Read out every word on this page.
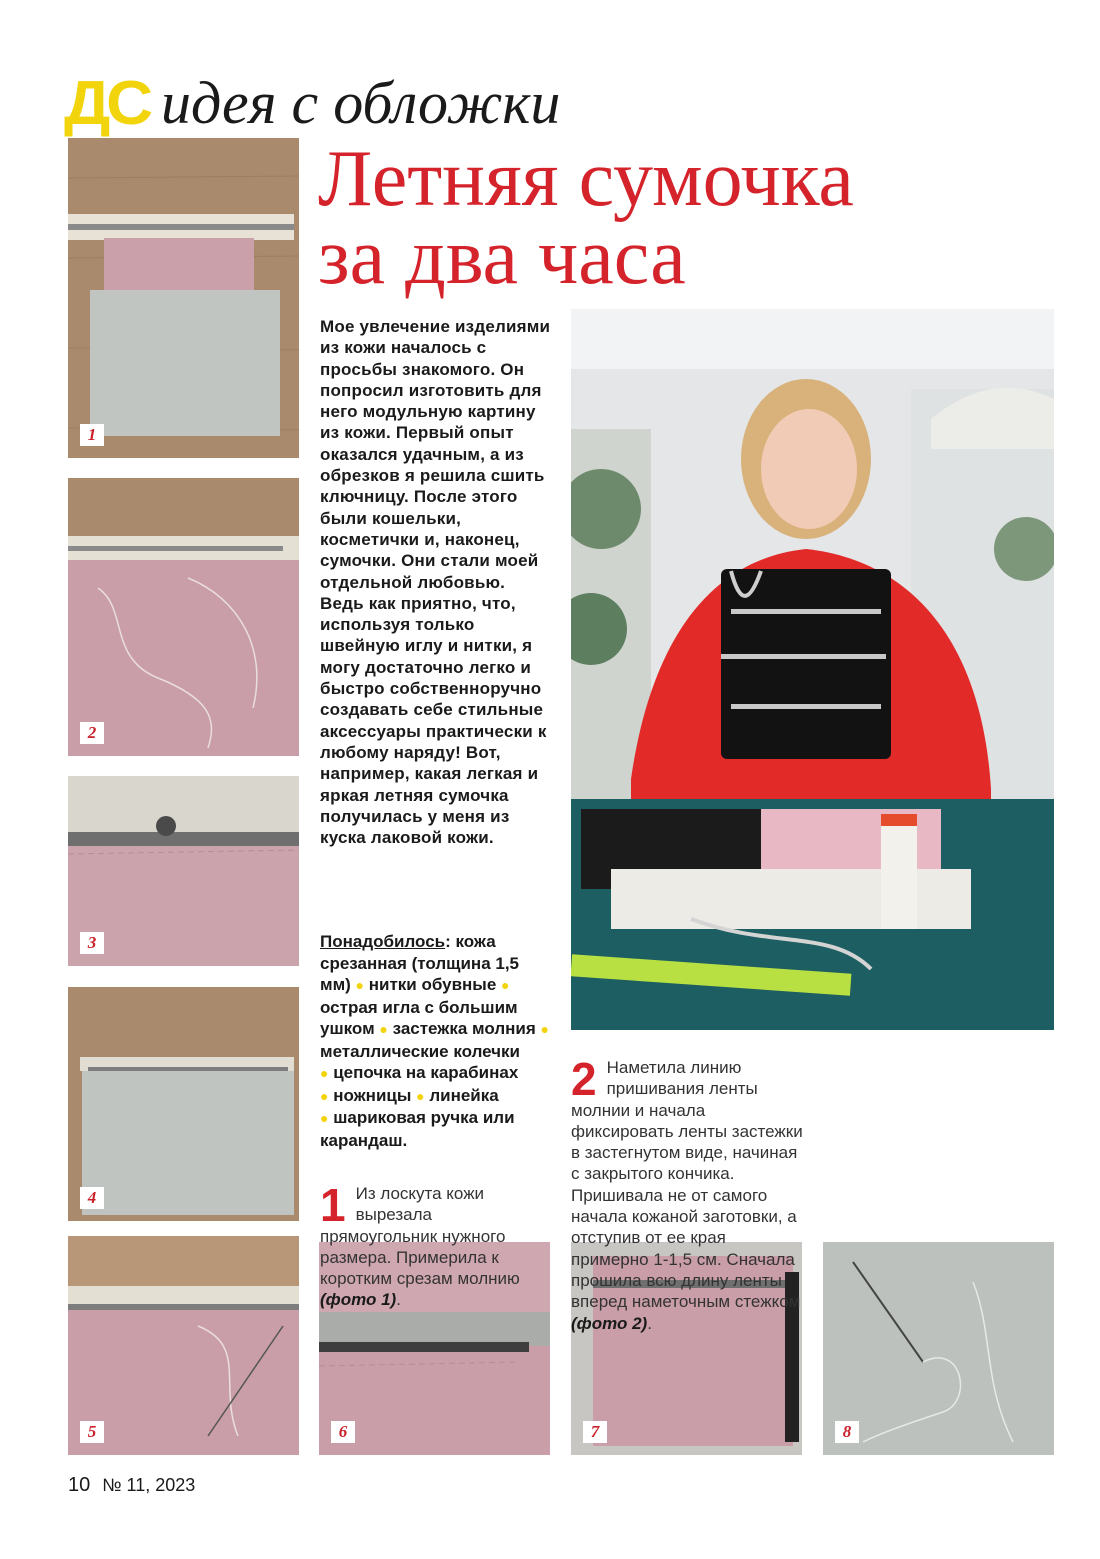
ДС идея с обложки
Летняя сумочка
за два часа
1
2
3
4
5	6	7	8
Мое увлечение изделиями из кожи началось с просьбы знакомого. Он попросил изготовить для него модульную картину из кожи. Первый опыт оказался удачным, а из обрезков я решила сшить ключницу. После этого были кошельки, косметички и, наконец, сумочки. Они стали моей отдельной любовью. Ведь как приятно, что, используя только швейную иглу и нитки, я могу достаточно легко и быстро собственноручно создавать себе стильные аксессуары практически к любому наряду! Вот, например, какая легкая и яркая летняя сумочка получилась у меня из куска лаковой кожи.
Понадобилось: кожа срезанная (толщина 1,5 мм) ● нитки обувные ● острая игла с большим ушком ● застежка молния ● металлические колечки
● цепочка на карабинах
● ножницы ● линейка
● шариковая ручка или карандаш.
1 Из лоскута кожи вырезала прямоугольник нужного размера. Примерила к коротким срезам молнию (фото 1).
2 Наметила линию пришивания ленты молнии и начала фиксировать ленты застежки в застегнутом виде, начиная с закрытого кончика. Пришивала не от самого начала кожаной заготовки, а отступив от ее края примерно 1-1,5 см. Сначала прошила всю длину ленты вперед наметочным стежком (фото 2).
10 № 11, 2023
